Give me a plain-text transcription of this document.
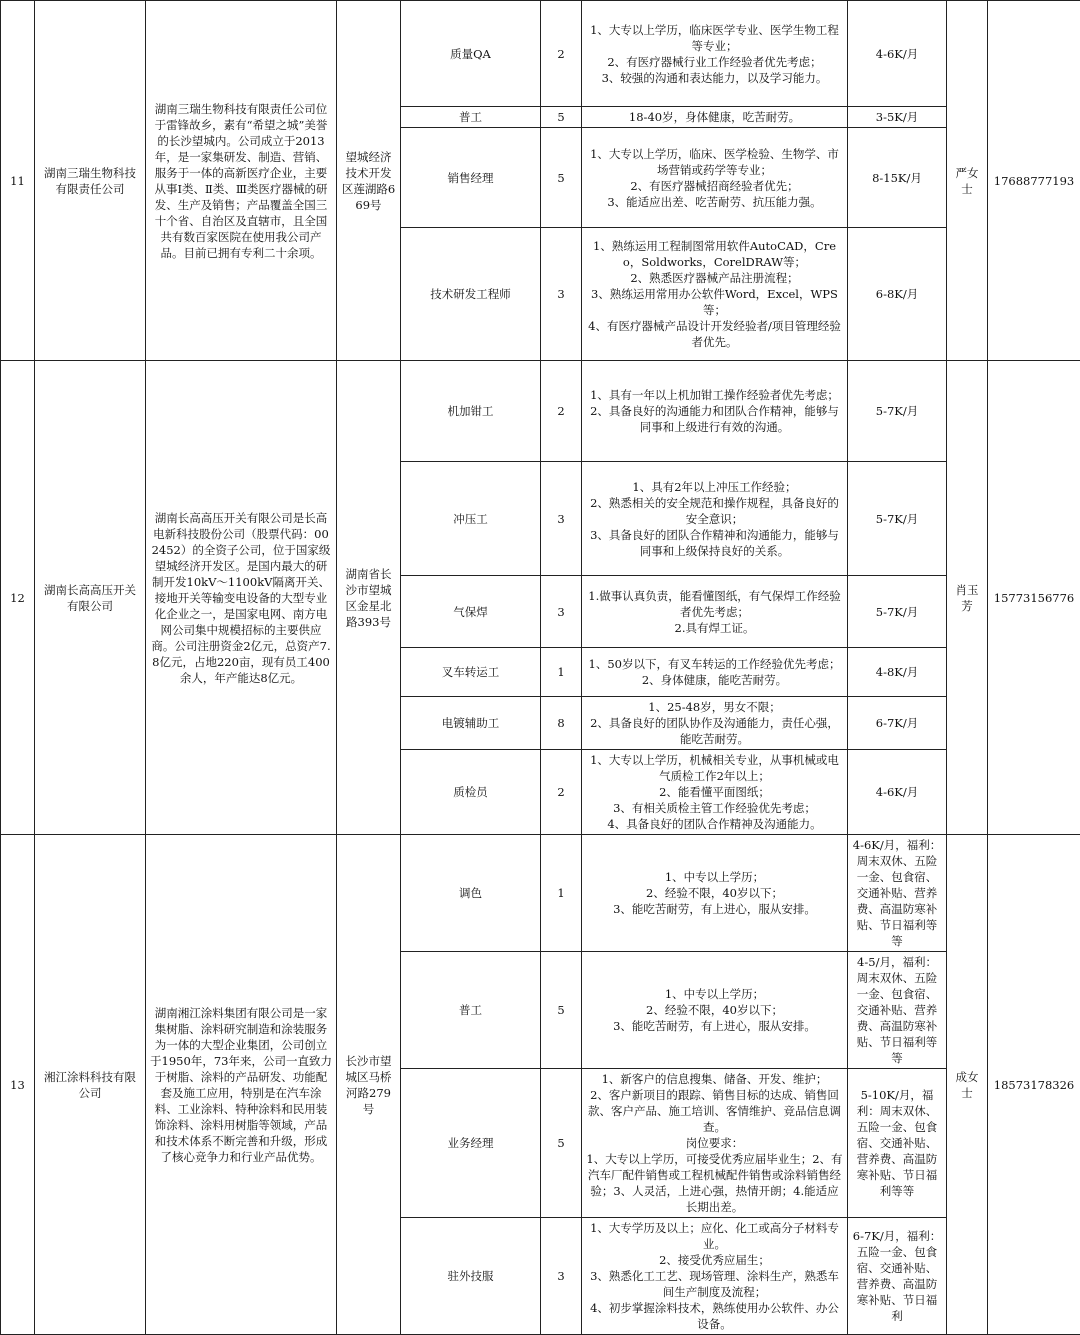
11	湖南三瑞生物科技有限责任公司	湖南三瑞生物科技有限责任公司位于雷锋故乡，素有“希望之城”美誉的长沙望城内。公司成立于2013年，是一家集研发、制造、营销、服务于一体的高新医疗企业，主要从事Ⅰ类、Ⅱ类、Ⅲ类医疗器械的研发、生产及销售；产品覆盖全国三十个省、自治区及直辖市，且全国共有数百家医院在使用我公司产品。目前已拥有专利二十余项。	望城经济技术开发区莲湖路669号	质量QA	2	1、大专以上学历，临床医学专业、医学生物工程等专业；
2、有医疗器械行业工作经验者优先考虑；
3、较强的沟通和表达能力，以及学习能力。	4-6K/月	严女士	17688777193
				普工	5	18-40岁，身体健康，吃苦耐劳。	3-5K/月		
				销售经理	5	1、大专以上学历，临床、医学检验、生物学、市场营销或药学等专业；
2、有医疗器械招商经验者优先；
3、能适应出差、吃苦耐劳、抗压能力强。	8-15K/月		
				技术研发工程师	3	1、熟练运用工程制图常用软件AutoCAD，Creo，Soldworks，CorelDRAW等；
2、熟悉医疗器械产品注册流程；
3、熟练运用常用办公软件Word，Excel，WPS等；
4、有医疗器械产品设计开发经验者/项目管理经验者优先。	6-8K/月		
12	湖南长高高压开关有限公司	湖南长高高压开关有限公司是长高电新科技股份公司（股票代码：002452）的全资子公司，位于国家级望城经济开发区。是国内最大的研制开发10kV～1100kV隔离开关、接地开关等输变电设备的大型专业化企业之一，是国家电网、南方电网公司集中规模招标的主要供应商。公司注册资金2亿元，总资产7.8亿元，占地220亩，现有员工400余人，年产能达8亿元。	湖南省长沙市望城区金星北路393号	机加钳工	2	1、具有一年以上机加钳工操作经验者优先考虑；
2、具备良好的沟通能力和团队合作精神，能够与同事和上级进行有效的沟通。	5-7K/月	肖玉芳	15773156776
				冲压工	3	1、具有2年以上冲压工作经验；
2、熟悉相关的安全规范和操作规程，具备良好的安全意识；
3、具备良好的团队合作精神和沟通能力，能够与同事和上级保持良好的关系。	5-7K/月		
				气保焊	3	1.做事认真负责，能看懂图纸，有气保焊工作经验者优先考虑；
2.具有焊工证。	5-7K/月		
				叉车转运工	1	1、50岁以下，有叉车转运的工作经验优先考虑；
2、身体健康，能吃苦耐劳。	4-8K/月		
				电镀辅助工	8	1、25-48岁，男女不限；
2、具备良好的团队协作及沟通能力，责任心强，能吃苦耐劳。	6-7K/月		
				质检员	2	1、大专以上学历，机械相关专业，从事机械或电气质检工作2年以上；
2、能看懂平面图纸；
3、有相关质检主管工作经验优先考虑；
4、具备良好的团队合作精神及沟通能力。	4-6K/月		
13	湘江涂料科技有限公司	湖南湘江涂料集团有限公司是一家集树脂、涂料研究制造和涂装服务为一体的大型企业集团，公司创立于1950年，73年来，公司一直致力于树脂、涂料的产品研发、功能配套及施工应用，特别是在汽车涂料、工业涂料、特种涂料和民用装饰涂料、涂料用树脂等领域，产品和技术体系不断完善和升级，形成了核心竞争力和行业产品优势。	长沙市望城区马桥河路279号	调色	1	1、中专以上学历；
2、经验不限，40岁以下；
3、能吃苦耐劳，有上进心，服从安排。	4-6K/月，福利：周末双休、五险一金、包食宿、交通补贴、营养费、高温防寒补贴、节日福利等等	成女士	18573178326
				普工	5	1、中专以上学历；
2、经验不限，40岁以下；
3、能吃苦耐劳，有上进心，服从安排。	4-5/月，福利：周末双休、五险一金、包食宿、交通补贴、营养费、高温防寒补贴、节日福利等等		
				业务经理	5	1、新客户的信息搜集、储备、开发、维护；
2、客户新项目的跟踪、销售目标的达成、销售回款、客户产品、施工培训、客情维护、竞品信息调查。
岗位要求：
1、大专以上学历，可接受优秀应届毕业生；2、有汽车厂配件销售或工程机械配件销售或涂料销售经验；3、人灵活，上进心强，热情开朗；4.能适应长期出差。	5-10K/月，福利：周末双休、五险一金、包食宿、交通补贴、营养费、高温防寒补贴、节日福利等等		
				驻外技服	3	1、大专学历及以上；应化、化工或高分子材料专业。
2、接受优秀应届生；
3、熟悉化工工艺、现场管理、涂料生产，熟悉车间生产制度及流程；
4、初步掌握涂料技术，熟练使用办公软件、办公设备。	6-7K/月，福利：五险一金、包食宿、交通补贴、营养费、高温防寒补贴、节日福利		
